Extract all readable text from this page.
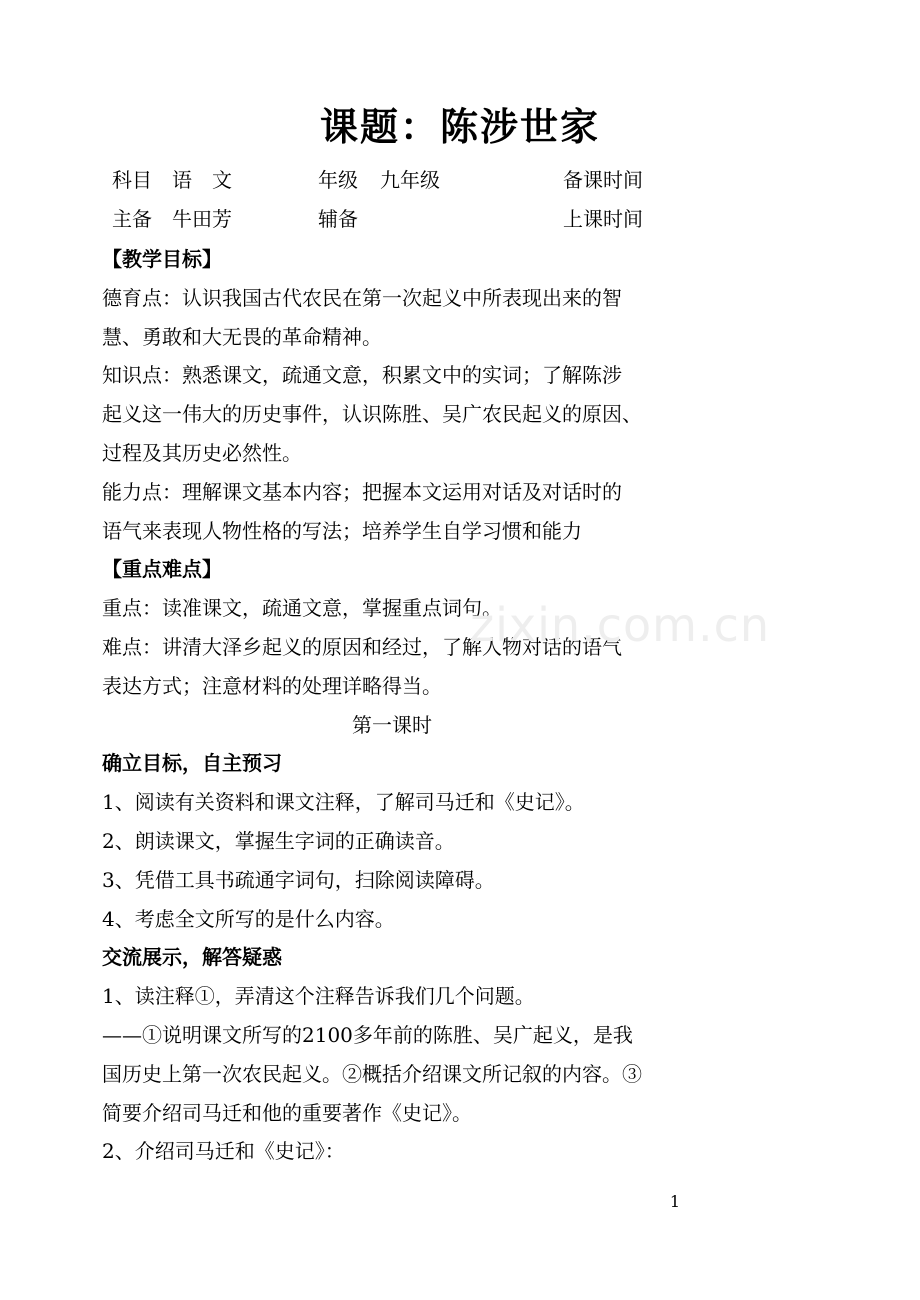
课题：陈涉世家
科目 语　文	年级 九年级	备课时间
主备 牛田芳	辅备	上课时间
【教学目标】
德育点：认识我国古代农民在第一次起义中所表现出来的智
慧、勇敢和大无畏的革命精神。
知识点：熟悉课文，疏通文意，积累文中的实词；了解陈涉
起义这一伟大的历史事件，认识陈胜、吴广农民起义的原因、
过程及其历史必然性。
能力点：理解课文基本内容；把握本文运用对话及对话时的
语气来表现人物性格的写法；培养学生自学习惯和能力
【重点难点】
重点：读准课文，疏通文意，掌握重点词句。
难点：讲清大泽乡起义的原因和经过，了解人物对话的语气
表达方式；注意材料的处理详略得当。
第一课时
确立目标，自主预习
1、阅读有关资料和课文注释，了解司马迁和《史记》。
2、朗读课文，掌握生字词的正确读音。
3、凭借工具书疏通字词句，扫除阅读障碍。
4、考虑全文所写的是什么内容。
交流展示，解答疑惑
1、读注释①，弄清这个注释告诉我们几个问题。
——①说明课文所写的2100多年前的陈胜、吴广起义，是我
国历史上第一次农民起义。②概括介绍课文所记叙的内容。③
简要介绍司马迁和他的重要著作《史记》。
2、介绍司马迁和《史记》：
zixin.com.cn
1
